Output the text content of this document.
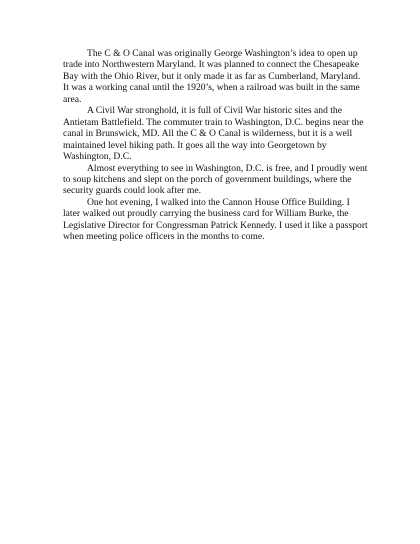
The C & O Canal was originally George Washington’s idea to open up trade into Northwestern Maryland. It was planned to connect the Chesapeake Bay with the Ohio River, but it only made it as far as Cumberland, Maryland. It was a working canal until the 1920’s, when a railroad was built in the same area.

A Civil War stronghold, it is full of Civil War historic sites and the Antietam Battlefield. The commuter train to Washington, D.C. begins near the canal in Brunswick, MD. All the C & O Canal is wilderness, but it is a well maintained level hiking path. It goes all the way into Georgetown by Washington, D.C.

Almost everything to see in Washington, D.C. is free, and I proudly went to soup kitchens and slept on the porch of government buildings, where the security guards could look after me.

One hot evening, I walked into the Cannon House Office Building. I later walked out proudly carrying the business card for William Burke, the Legislative Director for Congressman Patrick Kennedy. I used it like a passport when meeting police officers in the months to come.
